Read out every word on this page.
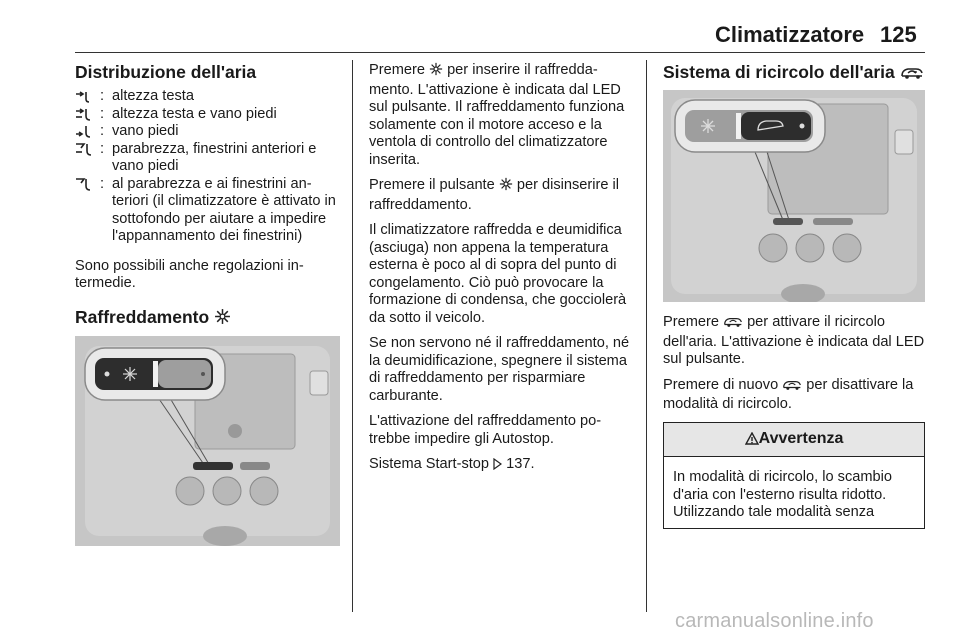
Climatizzatore 125
Distribuzione dell'aria
: altezza testa
: altezza testa e vano piedi
: vano piedi
: parabrezza, finestrini anteriori e vano piedi
: al parabrezza e ai finestrini anteriori (il climatizzatore è attivato in sottofondo per aiutare a impedire l'appannamento dei finestrini)

Sono possibili anche regolazioni intermedie.

Raffreddamento

Premere  per inserire il raffreddamento. L'attivazione è indicata dal LED sul pulsante. Il raffreddamento funziona solamente con il motore acceso e la ventola di controllo del climatizzatore inserita.

Premere il pulsante  per disinserire il raffreddamento.

Il climatizzatore raffredda e deumidifica (asciuga) non appena la temperatura esterna è poco al di sopra del punto di congelamento. Ciò può provocare la formazione di condensa, che gocciolerà da sotto il veicolo.

Se non servono né il raffreddamento, né la deumidificazione, spegnere il sistema di raffreddamento per risparmiare carburante.

L'attivazione del raffreddamento potrebbe impedire gli Autostop.

Sistema Start-stop  137.

Sistema di ricircolo dell'aria

Premere  per attivare il ricircolo dell'aria. L'attivazione è indicata dal LED sul pulsante.

Premere di nuovo  per disattivare la modalità di ricircolo.

Avvertenza
In modalità di ricircolo, lo scambio d'aria con l'esterno risulta ridotto. Utilizzando tale modalità senza
carmanualsonline.info
